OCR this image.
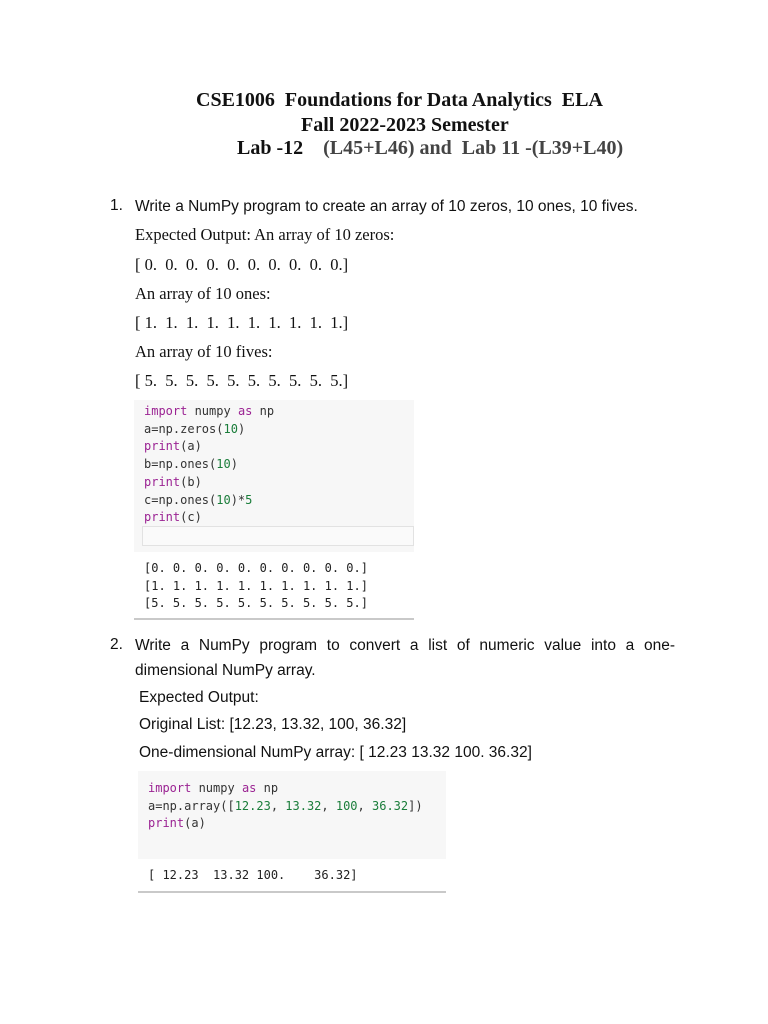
CSE1006  Foundations for Data Analytics  ELA
Fall 2022-2023 Semester
Lab -12    (L45+L46) and  Lab 11 -(L39+L40)
1. Write a NumPy program to create an array of 10 zeros, 10 ones, 10 fives.
Expected Output: An array of 10 zeros:
[ 0.  0.  0.  0.  0.  0.  0.  0.  0.  0.]
An array of 10 ones:
[ 1.  1.  1.  1.  1.  1.  1.  1.  1.  1.]
An array of 10 fives:
[ 5.  5.  5.  5.  5.  5.  5.  5.  5.  5.]
import numpy as np
a=np.zeros(10)
print(a)
b=np.ones(10)
print(b)
c=np.ones(10)*5
print(c)
[0. 0. 0. 0. 0. 0. 0. 0. 0. 0.]
[1. 1. 1. 1. 1. 1. 1. 1. 1. 1.]
[5. 5. 5. 5. 5. 5. 5. 5. 5. 5.]
2. Write a NumPy program to convert a list of numeric value into a one-
dimensional NumPy array.
Expected Output:
Original List: [12.23, 13.32, 100, 36.32]
One-dimensional NumPy array: [ 12.23 13.32 100. 36.32]
import numpy as np
a=np.array([12.23, 13.32, 100, 36.32])
print(a)
[ 12.23  13.32 100.    36.32]
